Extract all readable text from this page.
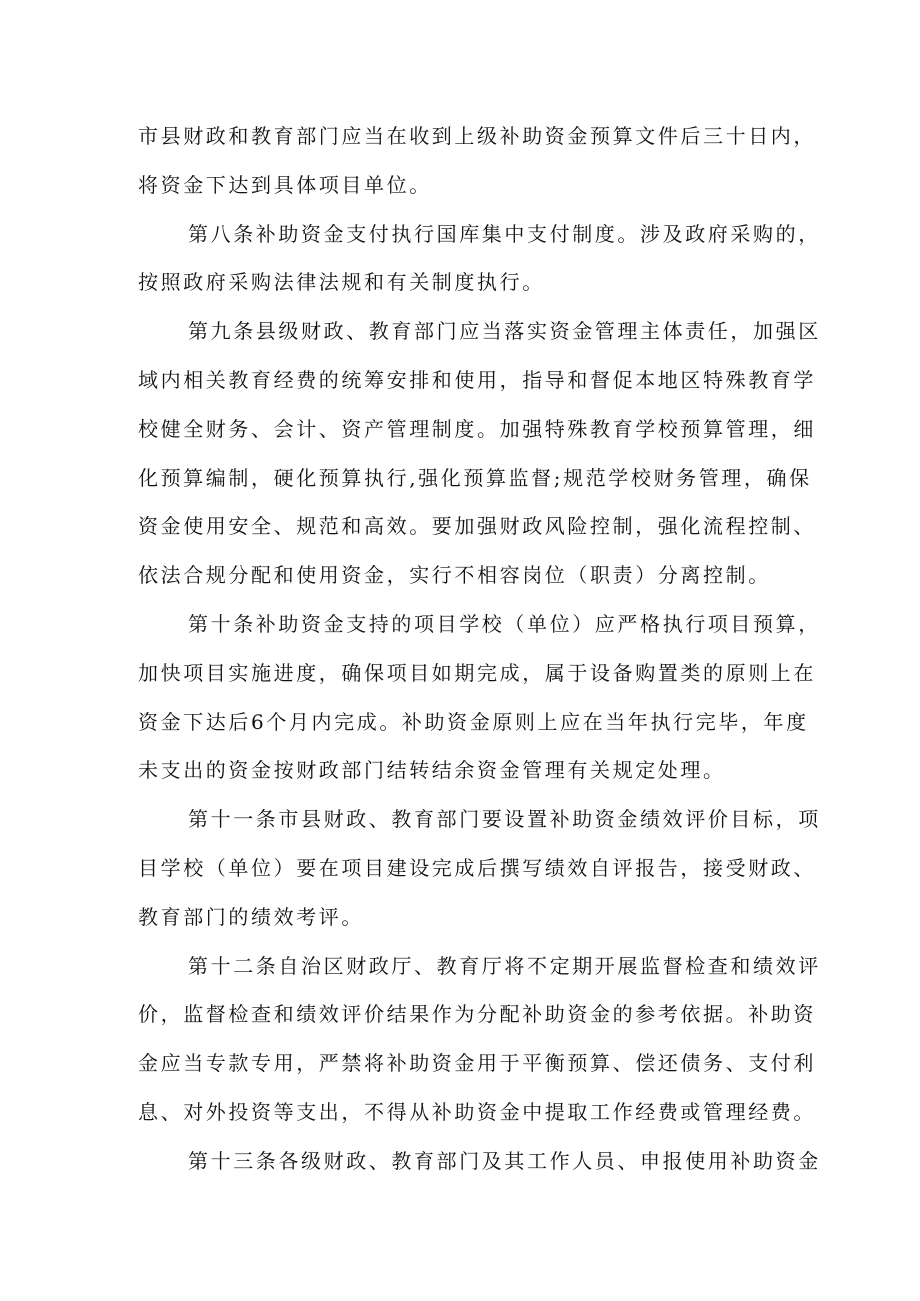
市县财政和教育部门应当在收到上级补助资金预算文件后三十日内，
将资金下达到具体项目单位。
第八条补助资金支付执行国库集中支付制度。涉及政府采购的，
按照政府采购法律法规和有关制度执行。
第九条县级财政、教育部门应当落实资金管理主体责任，加强区
域内相关教育经费的统筹安排和使用，指导和督促本地区特殊教育学
校健全财务、会计、资产管理制度。加强特殊教育学校预算管理，细
化预算编制，硬化预算执行,强化预算监督;规范学校财务管理，确保
资金使用安全、规范和高效。要加强财政风险控制，强化流程控制、
依法合规分配和使用资金，实行不相容岗位（职责）分离控制。
第十条补助资金支持的项目学校（单位）应严格执行项目预算，
加快项目实施进度，确保项目如期完成，属于设备购置类的原则上在
资金下达后6个月内完成。补助资金原则上应在当年执行完毕，年度
未支出的资金按财政部门结转结余资金管理有关规定处理。
第十一条市县财政、教育部门要设置补助资金绩效评价目标，项
目学校（单位）要在项目建设完成后撰写绩效自评报告，接受财政、
教育部门的绩效考评。
第十二条自治区财政厅、教育厅将不定期开展监督检查和绩效评
价，监督检查和绩效评价结果作为分配补助资金的参考依据。补助资
金应当专款专用，严禁将补助资金用于平衡预算、偿还债务、支付利
息、对外投资等支出，不得从补助资金中提取工作经费或管理经费。
第十三条各级财政、教育部门及其工作人员、申报使用补助资金
